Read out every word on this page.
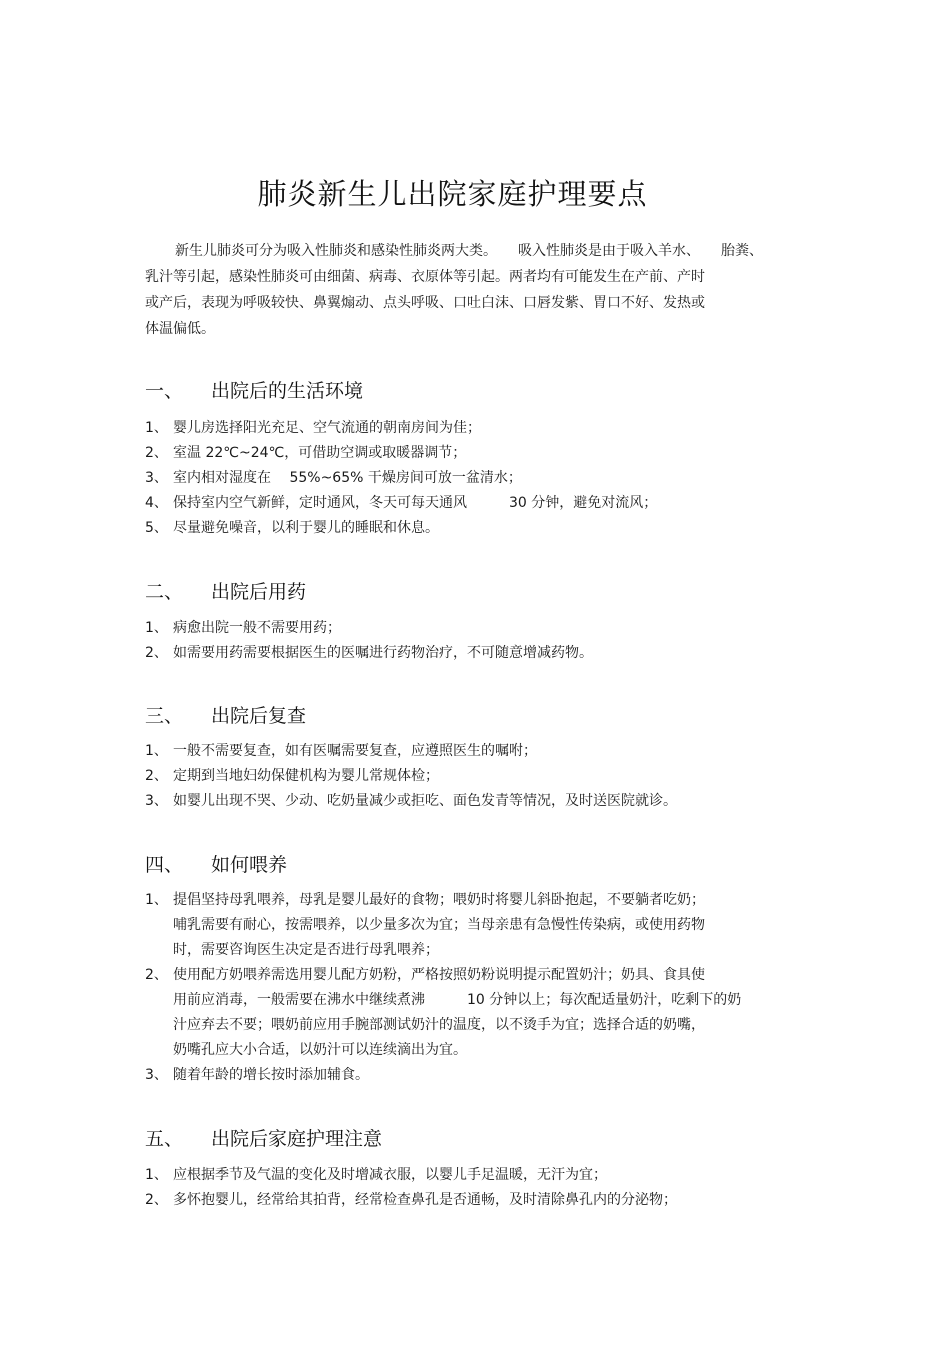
肺炎新生儿出院家庭护理要点
新生儿肺炎可分为吸入性肺炎和感染性肺炎两大类。　　吸入性肺炎是由于吸入羊水、　　胎粪、
乳汁等引起，感染性肺炎可由细菌、病毒、衣原体等引起。两者均有可能发生在产前、产时
或产后，表现为呼吸较快、鼻翼煽动、点头呼吸、口吐白沫、口唇发紫、胃口不好、发热或
体温偏低。
一、 出院后的生活环境
1、 婴儿房选择阳光充足、空气流通的朝南房间为佳；
2、 室温 22℃~24℃，可借助空调或取暖器调节；
3、 室内相对湿度在　 55%~65% 干燥房间可放一盆清水；
4、 保持室内空气新鲜，定时通风，冬天可每天通风　　　30 分钟，避免对流风；
5、 尽量避免噪音，以利于婴儿的睡眠和休息。
二、 出院后用药
1、 病愈出院一般不需要用药；
2、 如需要用药需要根据医生的医嘱进行药物治疗，不可随意增减药物。
三、 出院后复查
1、 一般不需要复查，如有医嘱需要复查，应遵照医生的嘱咐；
2、 定期到当地妇幼保健机构为婴儿常规体检；
3、 如婴儿出现不哭、少动、吃奶量减少或拒吃、面色发青等情况，及时送医院就诊。
四、 如何喂养
1、 提倡坚持母乳喂养，母乳是婴儿最好的食物；喂奶时将婴儿斜卧抱起，不要躺者吃奶；
哺乳需要有耐心，按需喂养，以少量多次为宜；当母亲患有急慢性传染病，或使用药物
时，需要咨询医生决定是否进行母乳喂养；
2、 使用配方奶喂养需选用婴儿配方奶粉，严格按照奶粉说明提示配置奶汁；奶具、食具使
用前应消毒，一般需要在沸水中继续煮沸　　　10 分钟以上；每次配适量奶汁，吃剩下的奶
汁应弃去不要；喂奶前应用手腕部测试奶汁的温度，以不烫手为宜；选择合适的奶嘴，
奶嘴孔应大小合适，以奶汁可以连续滴出为宜。
3、 随着年龄的增长按时添加辅食。
五、 出院后家庭护理注意
1、 应根据季节及气温的变化及时增减衣服，以婴儿手足温暖，无汗为宜；
2、 多怀抱婴儿，经常给其拍背，经常检查鼻孔是否通畅，及时清除鼻孔内的分泌物；
